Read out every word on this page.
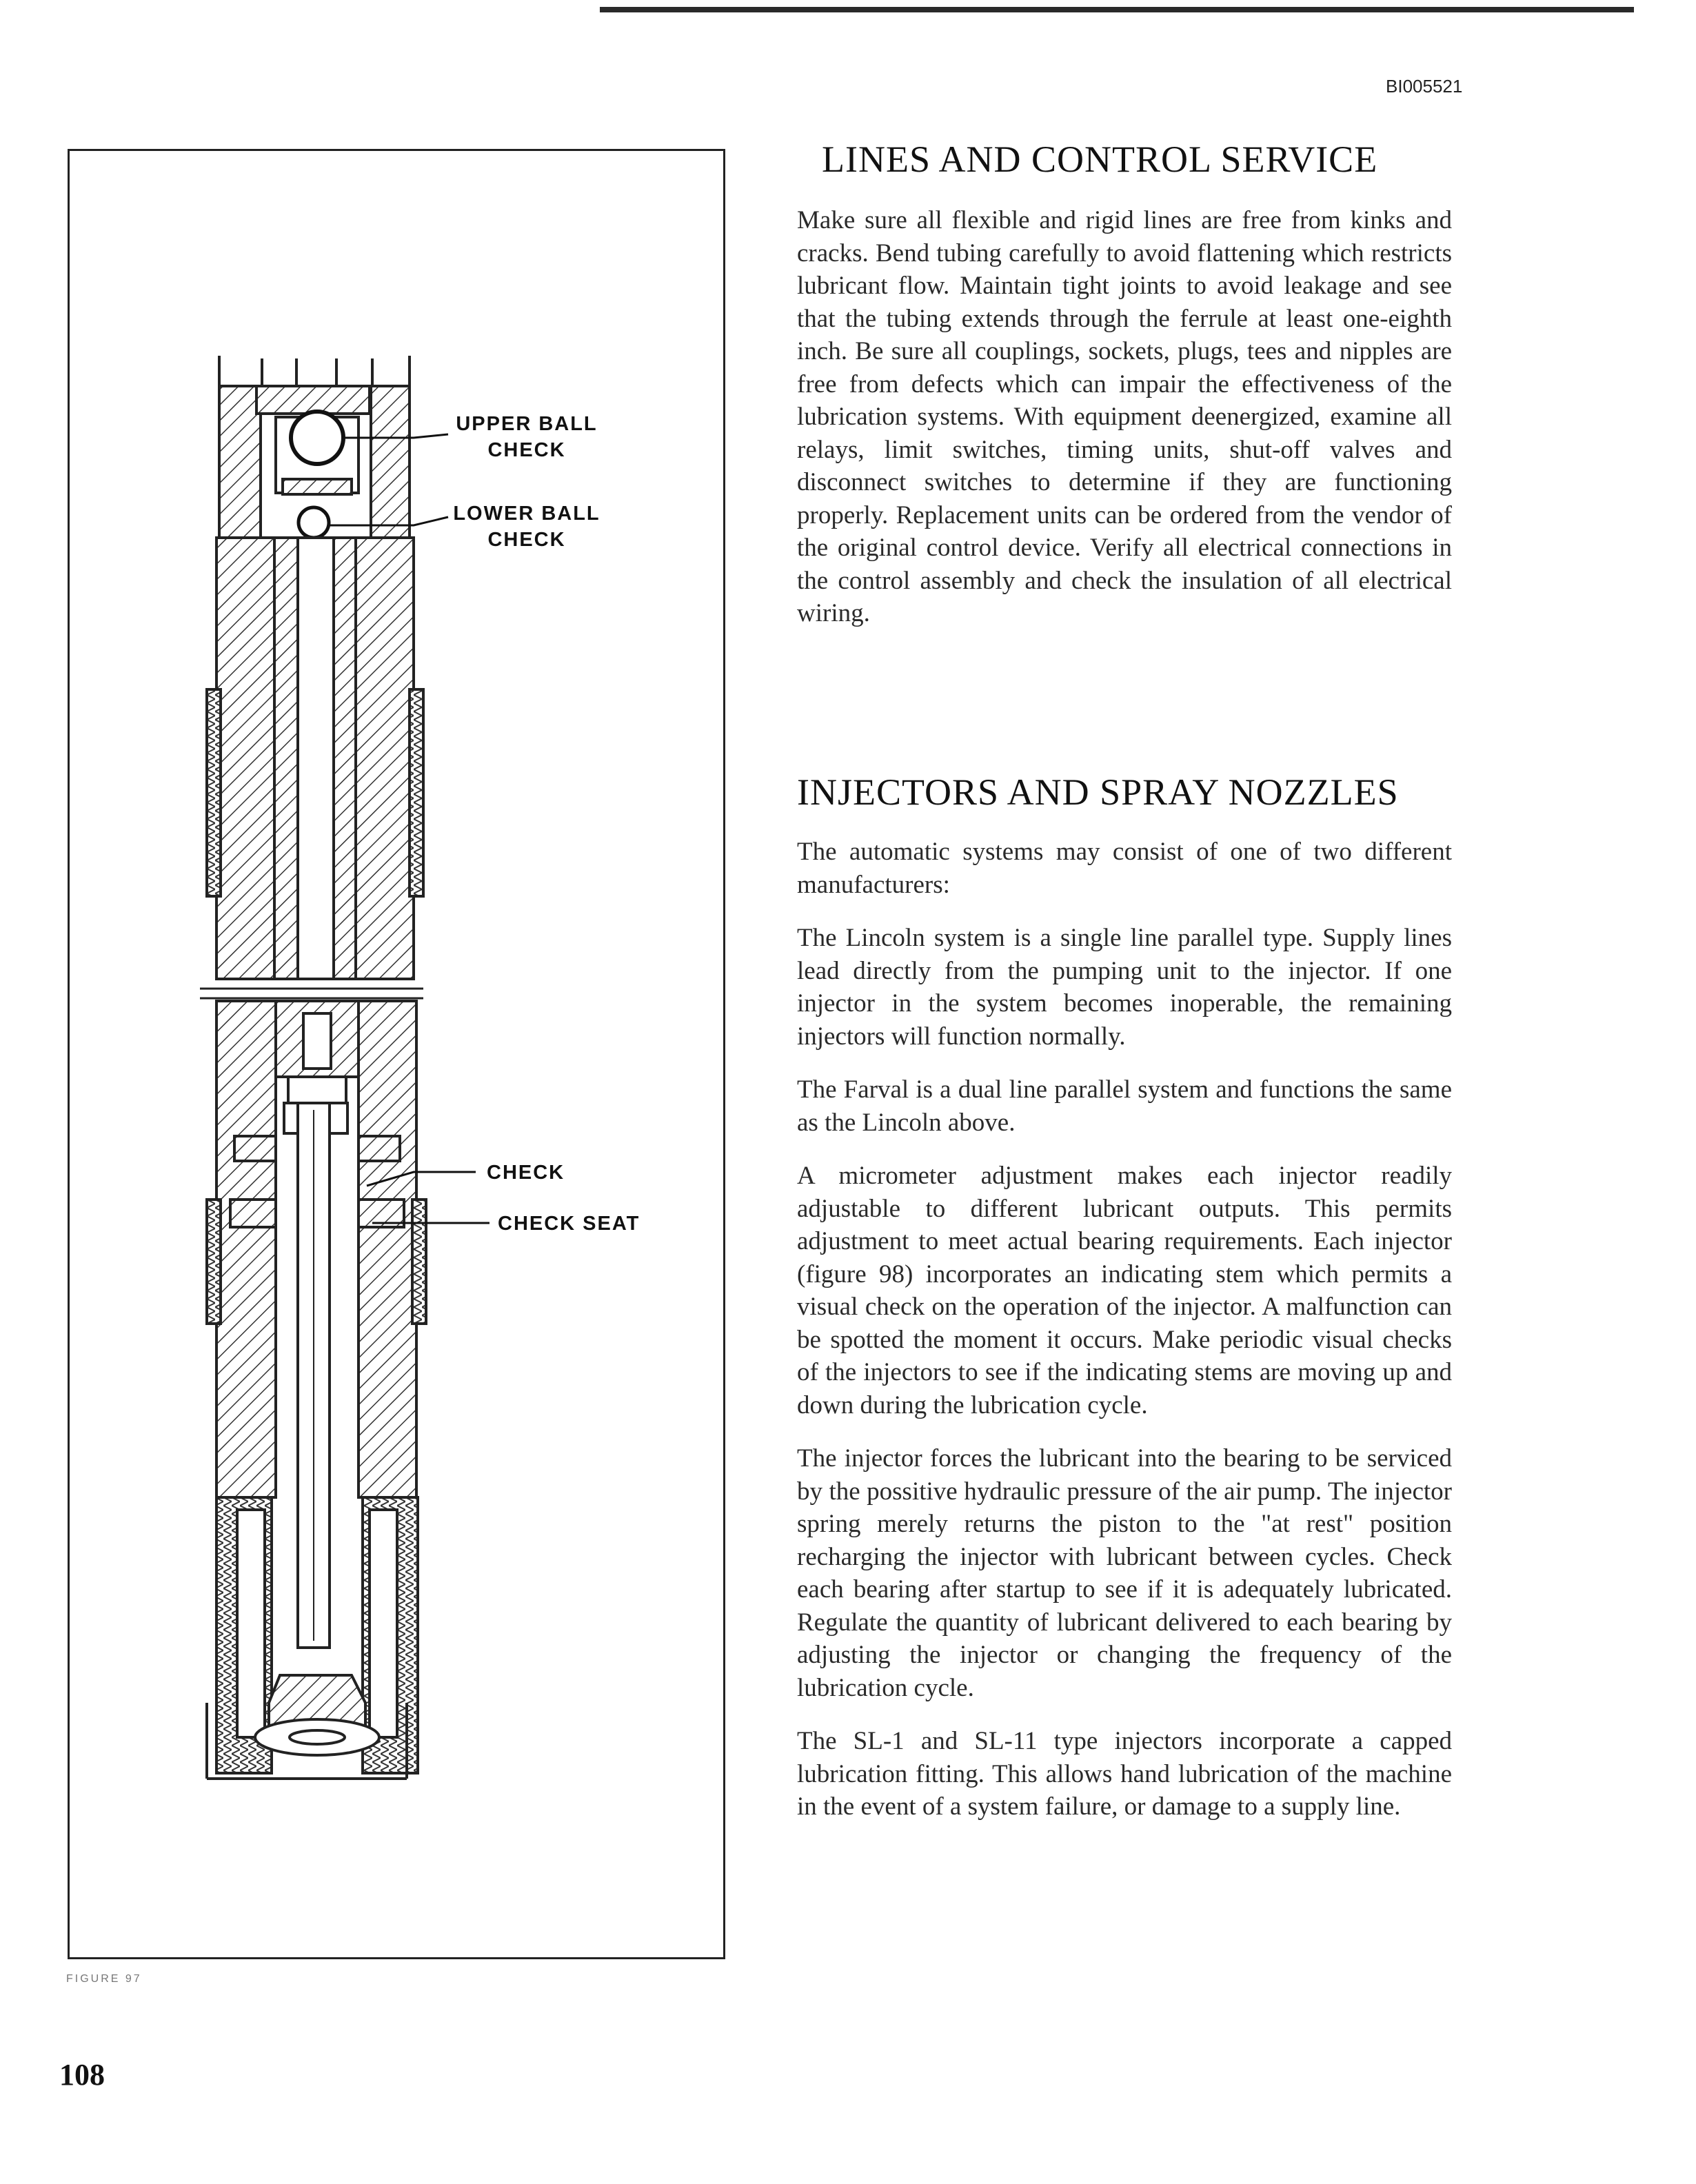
BI005521
UPPER BALL CHECK
LOWER BALL CHECK
CHECK
CHECK SEAT
FIGURE 97
108
LINES AND CONTROL SERVICE

Make sure all flexible and rigid lines are free from kinks and cracks. Bend tubing carefully to avoid flattening which restricts lubricant flow. Maintain tight joints to avoid leakage and see that the tubing extends through the ferrule at least one-eighth inch. Be sure all couplings, sockets, plugs, tees and nipples are free from defects which can impair the effectiveness of the lubrication systems. With equipment deenergized, examine all relays, limit switches, timing units, shut-off valves and disconnect switches to determine if they are functioning properly. Replacement units can be ordered from the vendor of the original control device. Verify all electrical connections in the control assembly and check the insulation of all electrical wiring.

INJECTORS AND SPRAY NOZZLES

The automatic systems may consist of one of two different manufacturers:

The Lincoln system is a single line parallel type. Supply lines lead directly from the pumping unit to the injector. If one injector in the system becomes inoperable, the remaining injectors will function normally.

The Farval is a dual line parallel system and functions the same as the Lincoln above.

A micrometer adjustment makes each injector readily adjustable to different lubricant outputs. This permits adjustment to meet actual bearing requirements. Each injector (figure 98) incorporates an indicating stem which permits a visual check on the operation of the injector. A malfunction can be spotted the moment it occurs. Make periodic visual checks of the injectors to see if the indicating stems are moving up and down during the lubrication cycle.

The injector forces the lubricant into the bearing to be serviced by the possitive hydraulic pressure of the air pump. The injector spring merely returns the piston to the "at rest" position recharging the injector with lubricant between cycles. Check each bearing after startup to see if it is adequately lubricated. Regulate the quantity of lubricant delivered to each bearing by adjusting the injector or changing the frequency of the lubrication cycle.

The SL-1 and SL-11 type injectors incorporate a capped lubrication fitting. This allows hand lubrication of the machine in the event of a system failure, or damage to a supply line.
